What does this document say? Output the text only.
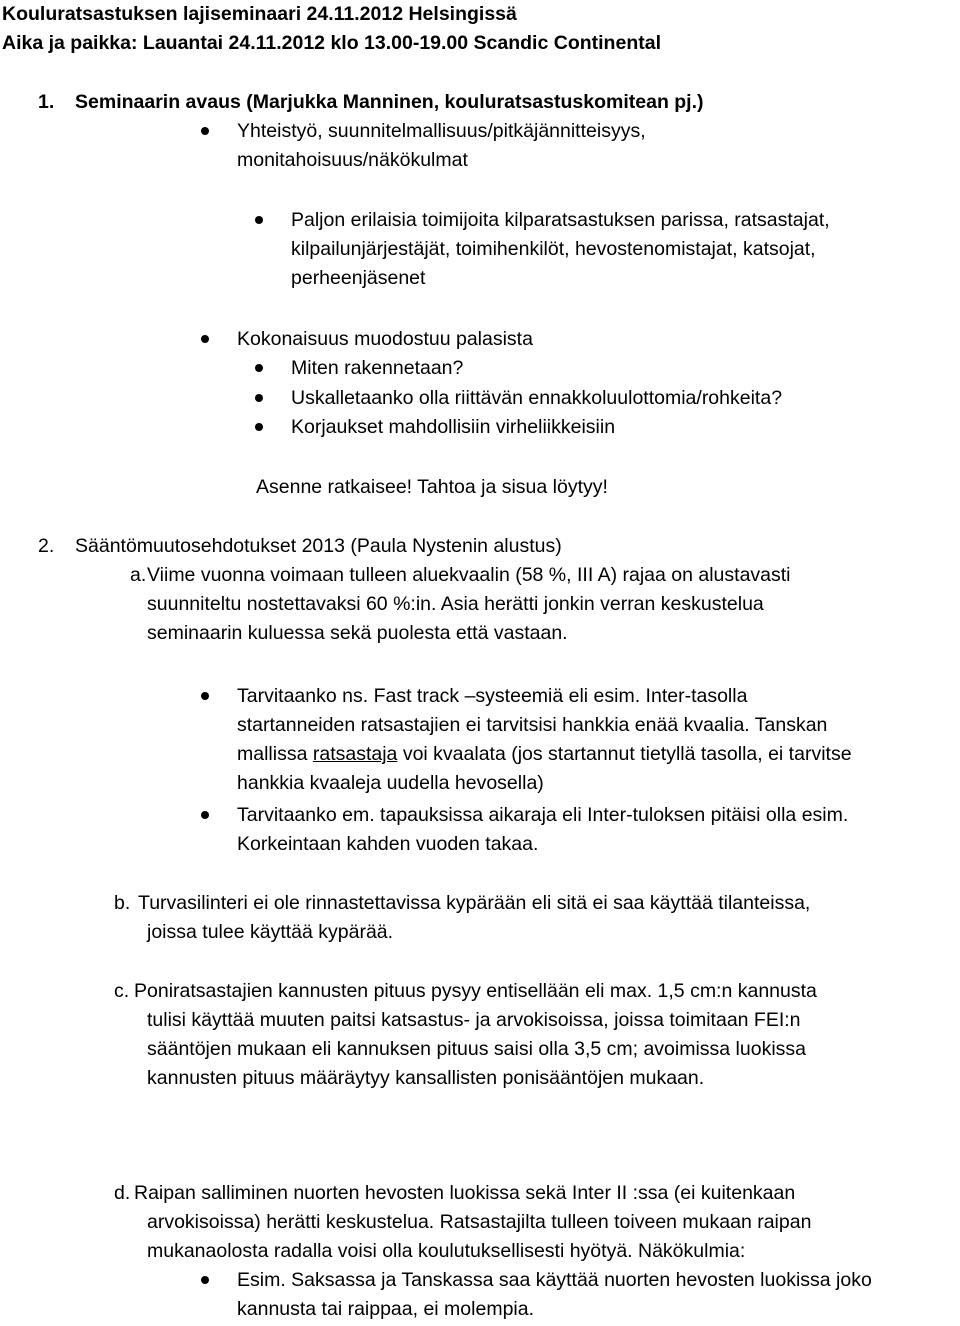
Kouluratsastuksen lajiseminaari 24.11.2012 Helsingissä

Aika ja paikka: Lauantai 24.11.2012 klo 13.00-19.00 Scandic Continental

1. Seminaarin avaus (Marjukka Manninen, kouluratsastuskomitean pj.)

Yhteistyö, suunnitelmallisuus/pitkäjännitteisyys,

monitahoisuus/näkökulmat

Paljon erilaisia toimijoita kilparatsastuksen parissa, ratsastajat,

kilpailunjärjestäjät, toimihenkilöt, hevostenomistajat, katsojat,

perheenjäsenet

Kokonaisuus muodostuu palasista

Miten rakennetaan?

Uskalletaanko olla riittävän ennakkoluulottomia/rohkeita?

Korjaukset mahdollisiin virheliikkeisiin

Asenne ratkaisee! Tahtoa ja sisua löytyy!

2. Sääntömuutosehdotukset 2013 (Paula Nystenin alustus)

a. Viime vuonna voimaan tulleen aluekvaalin (58 %, III A) rajaa on alustavasti

suunniteltu nostettavaksi 60 %:in. Asia herätti jonkin verran keskustelua

seminaarin kuluessa sekä puolesta että vastaan.

Tarvitaanko ns. Fast track –systeemiä eli esim. Inter-tasolla

startanneiden ratsastajien ei tarvitsisi hankkia enää kvaalia. Tanskan

mallissa ratsastaja voi kvaalata (jos startannut tietyllä tasolla, ei tarvitse

hankkia kvaaleja uudella hevosella)

Tarvitaanko em. tapauksissa aikaraja eli Inter-tuloksen pitäisi olla esim.

Korkeintaan kahden vuoden takaa.

b. Turvasilinteri ei ole rinnastettavissa kypärään eli sitä ei saa käyttää tilanteissa,

joissa tulee käyttää kypärää.

c. Poniratsastajien kannusten pituus pysyy entisellään eli max. 1,5 cm:n kannusta

tulisi käyttää muuten paitsi katsastus- ja arvokisoissa, joissa toimitaan FEI:n

sääntöjen mukaan eli kannuksen pituus saisi olla 3,5 cm; avoimissa luokissa

kannusten pituus määräytyy kansallisten ponisääntöjen mukaan.

d. Raipan salliminen nuorten hevosten luokissa sekä Inter II :ssa (ei kuitenkaan

arvokisoissa) herätti keskustelua. Ratsastajilta tulleen toiveen mukaan raipan

mukanaolosta radalla voisi olla koulutuksellisesti hyötyä. Näkökulmia:

Esim. Saksassa ja Tanskassa saa käyttää nuorten hevosten luokissa joko

kannusta tai raippaa, ei molempia.
